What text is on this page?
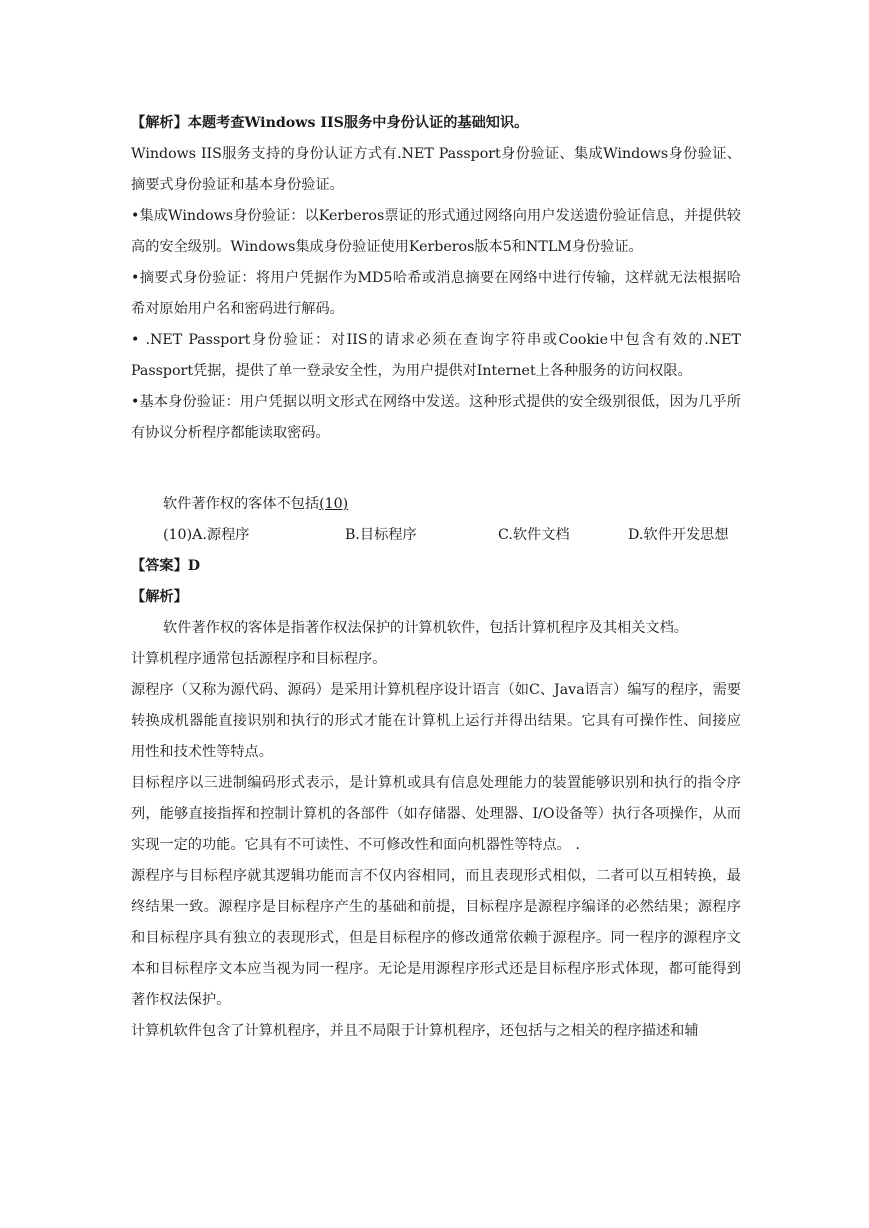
【解析】本题考查Windows IIS服务中身份认证的基础知识。

Windows IIS服务支持的身份认证方式有.NET Passport身份验证、集成Windows身份验证、摘要式身份验证和基本身份验证。

•集成Windows身份验证：以Kerberos票证的形式通过网络向用户发送遗份验证信息，并提供较高的安全级别。Windows集成身份验证使用Kerberos版本5和NTLM身份验证。

•摘要式身份验证：将用户凭据作为MD5哈希或消息摘要在网络中进行传输，这样就无法根据哈希对原始用户名和密码进行解码。

• .NET Passport身份验证：对IIS的请求必须在查询字符串或Cookie中包含有效的.NET Passport凭据，提供了单一登录安全性，为用户提供对Internet上各种服务的访问权限。

•基本身份验证：用户凭据以明文形式在网络中发送。这种形式提供的安全级别很低，因为几乎所有协议分析程序都能读取密码。

软件著作权的客体不包括(10)

(10)A.源程序	B.目标程序	C.软件文档	D.软件开发思想

【答案】D

【解析】

软件著作权的客体是指著作权法保护的计算机软件，包括计算机程序及其相关文档。

计算机程序通常包括源程序和目标程序。

源程序（又称为源代码、源码）是采用计算机程序设计语言（如C、Java语言）编写的程序，需要转换成机器能直接识别和执行的形式才能在计算机上运行并得出结果。它具有可操作性、间接应用性和技术性等特点。

目标程序以三进制编码形式表示，是计算机或具有信息处理能力的装置能够识别和执行的指令序列，能够直接指挥和控制计算机的各部件（如存储器、处理器、I/O设备等）执行各项操作，从而实现一定的功能。它具有不可读性、不可修改性和面向机器性等特点。 .

源程序与目标程序就其逻辑功能而言不仅内容相同，而且表现形式相似，二者可以互相转换，最终结果一致。源程序是目标程序产生的基础和前提，目标程序是源程序编译的必然结果；源程序和目标程序具有独立的表现形式，但是目标程序的修改通常依赖于源程序。同一程序的源程序文本和目标程序文本应当视为同一程序。无论是用源程序形式还是目标程序形式体现，都可能得到著作权法保护。

计算机软件包含了计算机程序，并且不局限于计算机程序，还包括与之相关的程序描述和辅
